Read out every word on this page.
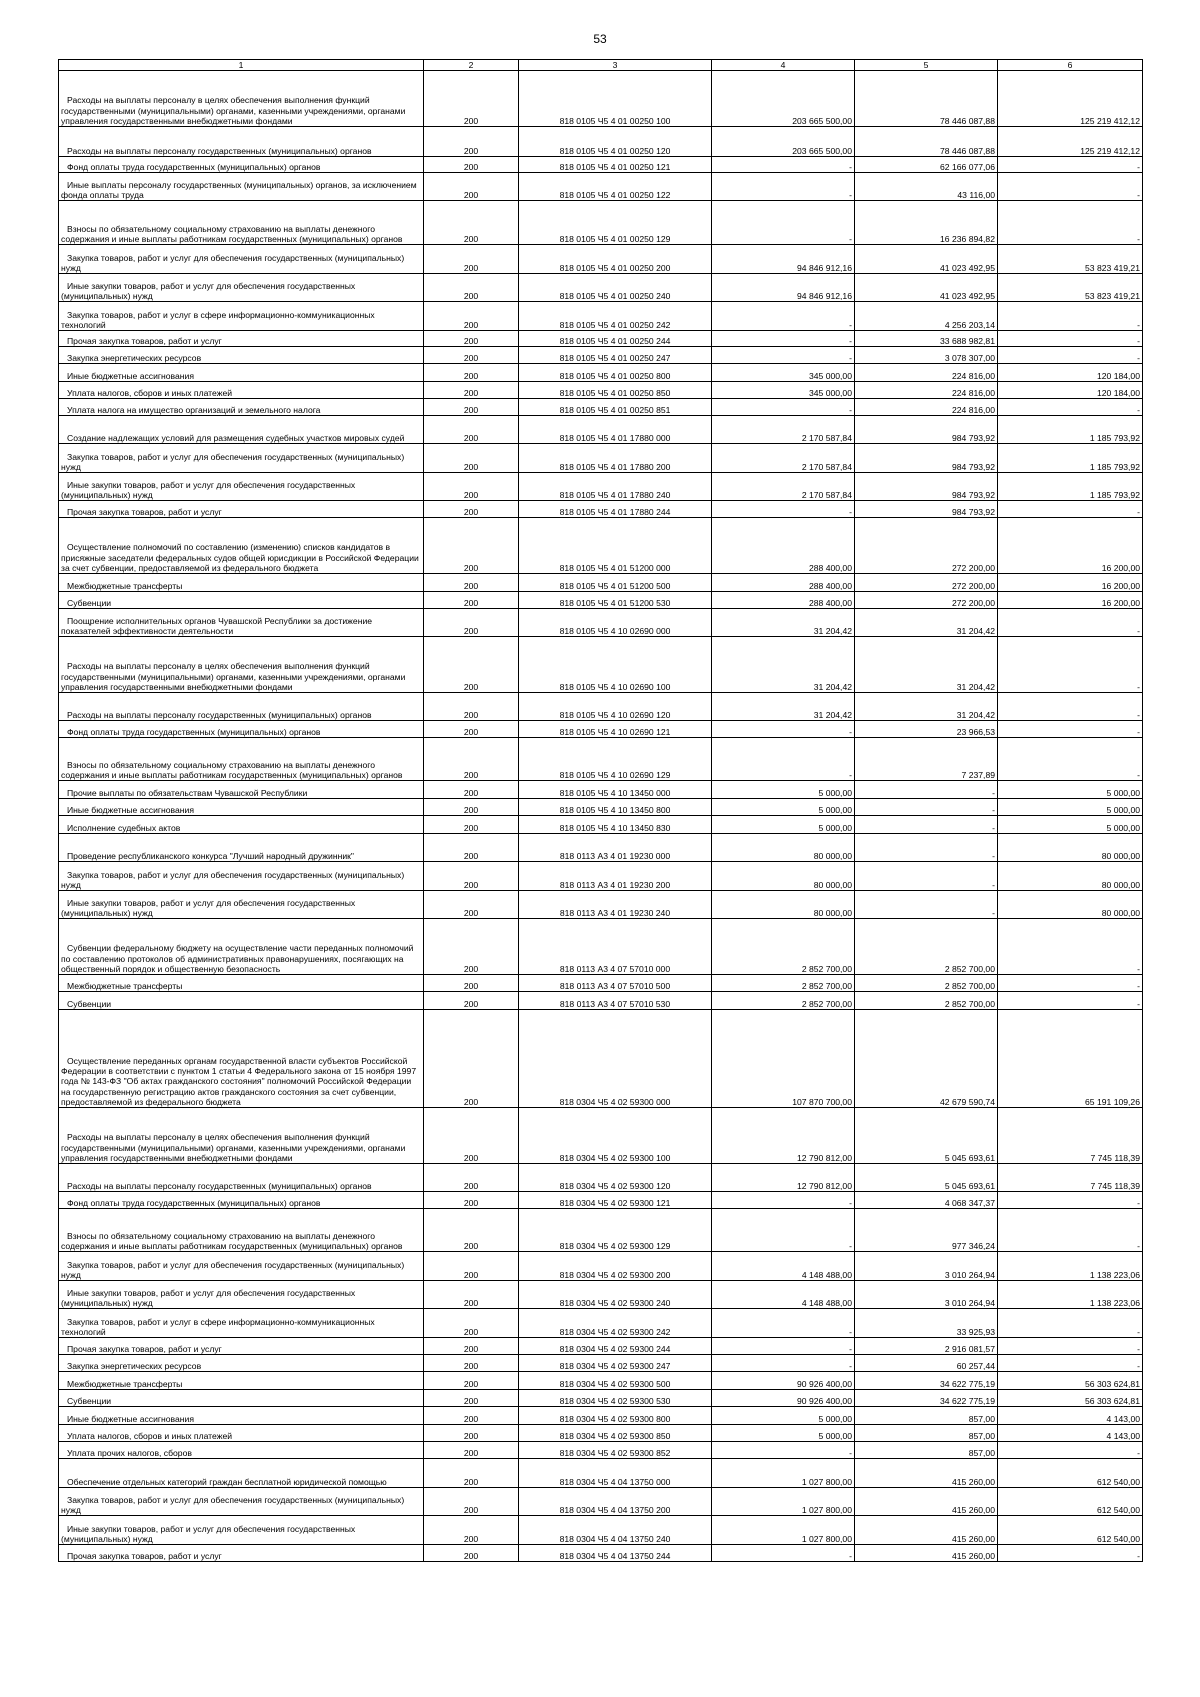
53
1	2	3	4	5	6

Расходы на выплаты персоналу в целях обеспечения выполнения функций государственными (муниципальными) органами, казенными учреждениями, органами управления государственными внебюджетными фондами	200	818 0105 Ч5 4 01 00250 100	203 665 500,00	78 446 087,88	125 219 412,12

Расходы на выплаты персоналу государственных (муниципальных) органов	200	818 0105 Ч5 4 01 00250 120	203 665 500,00	78 446 087,88	125 219 412,12

Фонд оплаты труда государственных (муниципальных) органов	200	818 0105 Ч5 4 01 00250 121	-	62 166 077,06	-

Иные выплаты персоналу государственных (муниципальных) органов, за исключением фонда оплаты труда	200	818 0105 Ч5 4 01 00250 122	-	43 116,00	-

Взносы по обязательному социальному страхованию на выплаты денежного содержания и иные выплаты работникам государственных (муниципальных) органов	200	818 0105 Ч5 4 01 00250 129	-	16 236 894,82	-

Закупка товаров, работ и услуг для обеспечения государственных (муниципальных) нужд	200	818 0105 Ч5 4 01 00250 200	94 846 912,16	41 023 492,95	53 823 419,21

Иные закупки товаров, работ и услуг для обеспечения государственных (муниципальных) нужд	200	818 0105 Ч5 4 01 00250 240	94 846 912,16	41 023 492,95	53 823 419,21

Закупка товаров, работ и услуг в сфере информационно-коммуникационных технологий	200	818 0105 Ч5 4 01 00250 242	-	4 256 203,14	-

Прочая закупка товаров, работ и услуг	200	818 0105 Ч5 4 01 00250 244	-	33 688 982,81	-

Закупка энергетических ресурсов	200	818 0105 Ч5 4 01 00250 247	-	3 078 307,00	-

Иные бюджетные ассигнования	200	818 0105 Ч5 4 01 00250 800	345 000,00	224 816,00	120 184,00

Уплата налогов, сборов и иных платежей	200	818 0105 Ч5 4 01 00250 850	345 000,00	224 816,00	120 184,00

Уплата налога на имущество организаций и земельного налога	200	818 0105 Ч5 4 01 00250 851	-	224 816,00	-

Создание надлежащих условий для размещения судебных участков мировых судей	200	818 0105 Ч5 4 01 17880 000	2 170 587,84	984 793,92	1 185 793,92

Закупка товаров, работ и услуг для обеспечения государственных (муниципальных) нужд	200	818 0105 Ч5 4 01 17880 200	2 170 587,84	984 793,92	1 185 793,92

Иные закупки товаров, работ и услуг для обеспечения государственных (муниципальных) нужд	200	818 0105 Ч5 4 01 17880 240	2 170 587,84	984 793,92	1 185 793,92

Прочая закупка товаров, работ и услуг	200	818 0105 Ч5 4 01 17880 244	-	984 793,92	-

Осуществление полномочий по составлению (изменению) списков кандидатов в присяжные заседатели федеральных судов общей юрисдикции в Российской Федерации за счет субвенции, предоставляемой из федерального бюджета	200	818 0105 Ч5 4 01 51200 000	288 400,00	272 200,00	16 200,00

Межбюджетные трансферты	200	818 0105 Ч5 4 01 51200 500	288 400,00	272 200,00	16 200,00

Субвенции	200	818 0105 Ч5 4 01 51200 530	288 400,00	272 200,00	16 200,00

Поощрение исполнительных органов Чувашской Республики за достижение показателей эффективности деятельности	200	818 0105 Ч5 4 10 02690 000	31 204,42	31 204,42	-

Расходы на выплаты персоналу в целях обеспечения выполнения функций государственными (муниципальными) органами, казенными учреждениями, органами управления государственными внебюджетными фондами	200	818 0105 Ч5 4 10 02690 100	31 204,42	31 204,42	-

Расходы на выплаты персоналу государственных (муниципальных) органов	200	818 0105 Ч5 4 10 02690 120	31 204,42	31 204,42	-

Фонд оплаты труда государственных (муниципальных) органов	200	818 0105 Ч5 4 10 02690 121	-	23 966,53	-

Взносы по обязательному социальному страхованию на выплаты денежного содержания и иные выплаты работникам государственных (муниципальных) органов	200	818 0105 Ч5 4 10 02690 129	-	7 237,89	-

Прочие выплаты по обязательствам Чувашской Республики	200	818 0105 Ч5 4 10 13450 000	5 000,00	-	5 000,00

Иные бюджетные ассигнования	200	818 0105 Ч5 4 10 13450 800	5 000,00	-	5 000,00

Исполнение судебных актов	200	818 0105 Ч5 4 10 13450 830	5 000,00	-	5 000,00

Проведение республиканского конкурса "Лучший народный дружинник"	200	818 0113 А3 4 01 19230 000	80 000,00	-	80 000,00

Закупка товаров, работ и услуг для обеспечения государственных (муниципальных) нужд	200	818 0113 А3 4 01 19230 200	80 000,00	-	80 000,00

Иные закупки товаров, работ и услуг для обеспечения государственных (муниципальных) нужд	200	818 0113 А3 4 01 19230 240	80 000,00	-	80 000,00

Субвенции федеральному бюджету на осуществление части переданных полномочий по составлению протоколов об административных правонарушениях, посягающих на общественный порядок и общественную безопасность	200	818 0113 А3 4 07 57010 000	2 852 700,00	2 852 700,00	-

Межбюджетные трансферты	200	818 0113 А3 4 07 57010 500	2 852 700,00	2 852 700,00	-

Субвенции	200	818 0113 А3 4 07 57010 530	2 852 700,00	2 852 700,00	-

Осуществление переданных органам государственной власти субъектов Российской Федерации в соответствии с пунктом 1 статьи 4 Федерального закона от 15 ноября 1997 года № 143-ФЗ "Об актах гражданского состояния" полномочий Российской Федерации на государственную регистрацию актов гражданского состояния за счет субвенции, предоставляемой из федерального бюджета	200	818 0304 Ч5 4 02 59300 000	107 870 700,00	42 679 590,74	65 191 109,26

Расходы на выплаты персоналу в целях обеспечения выполнения функций государственными (муниципальными) органами, казенными учреждениями, органами управления государственными внебюджетными фондами	200	818 0304 Ч5 4 02 59300 100	12 790 812,00	5 045 693,61	7 745 118,39

Расходы на выплаты персоналу государственных (муниципальных) органов	200	818 0304 Ч5 4 02 59300 120	12 790 812,00	5 045 693,61	7 745 118,39

Фонд оплаты труда государственных (муниципальных) органов	200	818 0304 Ч5 4 02 59300 121	-	4 068 347,37	-

Взносы по обязательному социальному страхованию на выплаты денежного содержания и иные выплаты работникам государственных (муниципальных) органов	200	818 0304 Ч5 4 02 59300 129	-	977 346,24	-

Закупка товаров, работ и услуг для обеспечения государственных (муниципальных) нужд	200	818 0304 Ч5 4 02 59300 200	4 148 488,00	3 010 264,94	1 138 223,06

Иные закупки товаров, работ и услуг для обеспечения государственных (муниципальных) нужд	200	818 0304 Ч5 4 02 59300 240	4 148 488,00	3 010 264,94	1 138 223,06

Закупка товаров, работ и услуг в сфере информационно-коммуникационных технологий	200	818 0304 Ч5 4 02 59300 242	-	33 925,93	-

Прочая закупка товаров, работ и услуг	200	818 0304 Ч5 4 02 59300 244	-	2 916 081,57	-

Закупка энергетических ресурсов	200	818 0304 Ч5 4 02 59300 247	-	60 257,44	-

Межбюджетные трансферты	200	818 0304 Ч5 4 02 59300 500	90 926 400,00	34 622 775,19	56 303 624,81

Субвенции	200	818 0304 Ч5 4 02 59300 530	90 926 400,00	34 622 775,19	56 303 624,81

Иные бюджетные ассигнования	200	818 0304 Ч5 4 02 59300 800	5 000,00	857,00	4 143,00

Уплата налогов, сборов и иных платежей	200	818 0304 Ч5 4 02 59300 850	5 000,00	857,00	4 143,00

Уплата прочих налогов, сборов	200	818 0304 Ч5 4 02 59300 852	-	857,00	-

Обеспечение отдельных категорий граждан бесплатной юридической помощью	200	818 0304 Ч5 4 04 13750 000	1 027 800,00	415 260,00	612 540,00

Закупка товаров, работ и услуг для обеспечения государственных (муниципальных) нужд	200	818 0304 Ч5 4 04 13750 200	1 027 800,00	415 260,00	612 540,00

Иные закупки товаров, работ и услуг для обеспечения государственных (муниципальных) нужд	200	818 0304 Ч5 4 04 13750 240	1 027 800,00	415 260,00	612 540,00

Прочая закупка товаров, работ и услуг	200	818 0304 Ч5 4 04 13750 244	-	415 260,00	-
